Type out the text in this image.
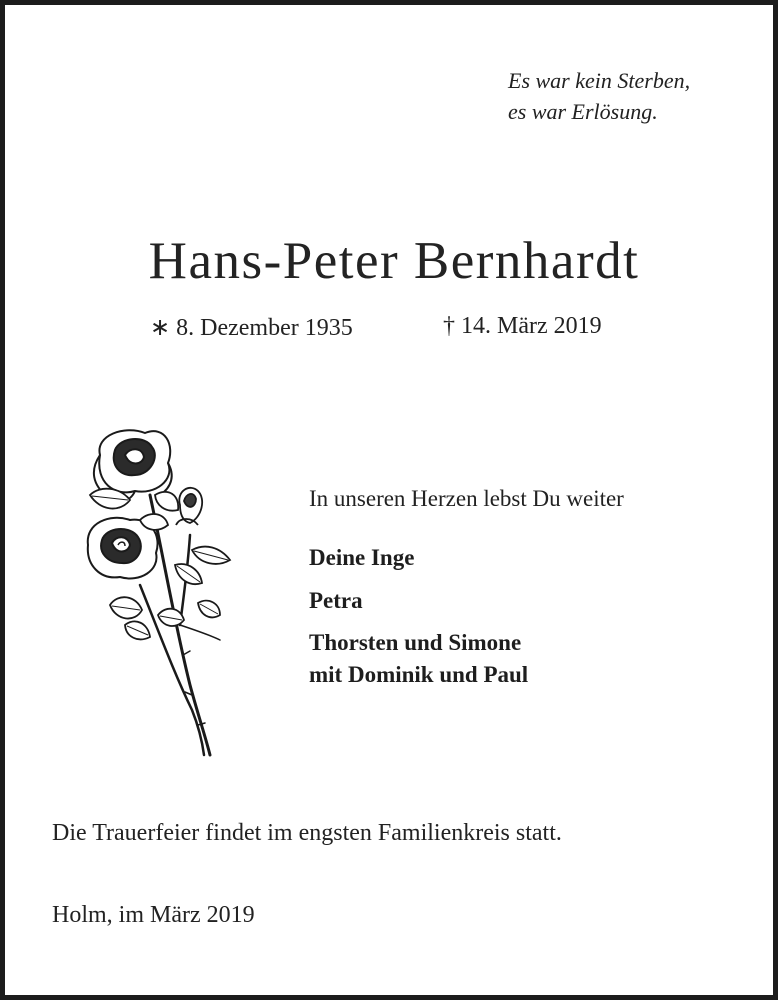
Es war kein Sterben,
es war Erlösung.
Hans-Peter Bernhardt
∗ 8. Dezember 1935	† 14. März 2019
In unseren Herzen lebst Du weiter
Deine Inge
Petra
Thorsten und Simone
mit Dominik und Paul
Die Trauerfeier findet im engsten Familienkreis statt.
Holm, im März 2019
